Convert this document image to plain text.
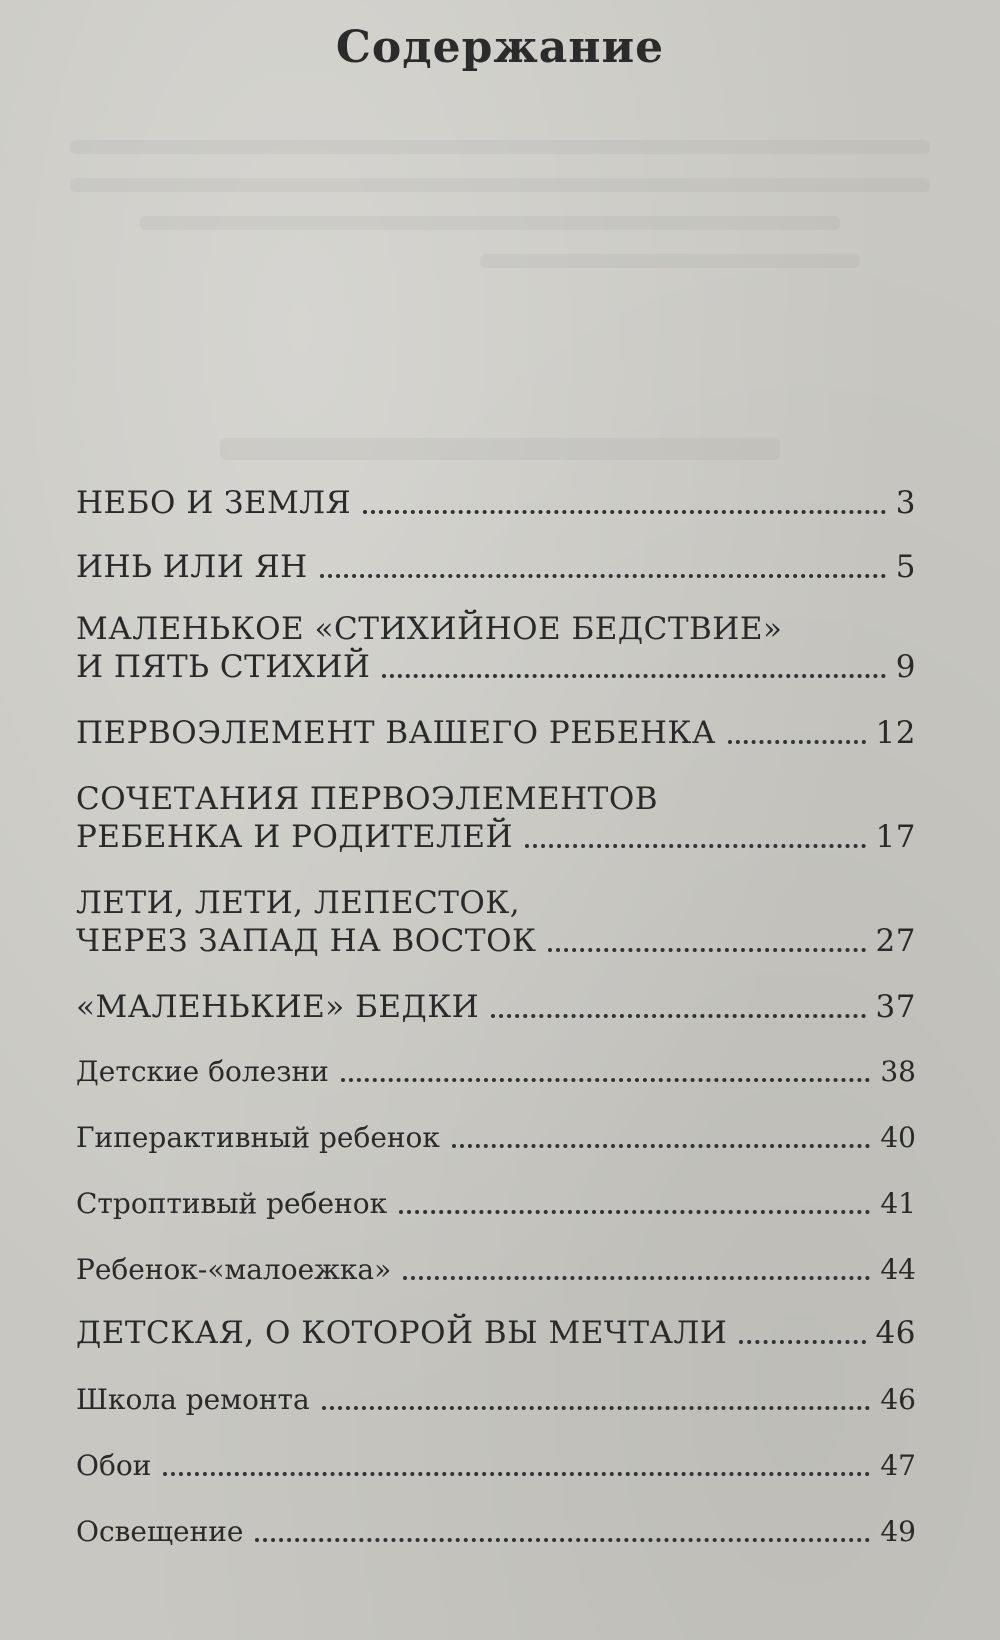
Содержание
НЕБО И ЗЕМЛЯ	3
ИНЬ ИЛИ ЯН	5
МАЛЕНЬКОЕ «СТИХИЙНОЕ БЕДСТВИЕ»
И ПЯТЬ СТИХИЙ	9
ПЕРВОЭЛЕМЕНТ ВАШЕГО РЕБЕНКА	12
СОЧЕТАНИЯ ПЕРВОЭЛЕМЕНТОВ
РЕБЕНКА И РОДИТЕЛЕЙ	17
ЛЕТИ, ЛЕТИ, ЛЕПЕСТОК,
ЧЕРЕЗ ЗАПАД НА ВОСТОК	27
«МАЛЕНЬКИЕ» БЕДКИ	37
Детские болезни	38
Гиперактивный ребенок	40
Строптивый ребенок	41
Ребенок-«малоежка»	44
ДЕТСКАЯ, О КОТОРОЙ ВЫ МЕЧТАЛИ	46
Школа ремонта	46
Обои	47
Освещение	49
